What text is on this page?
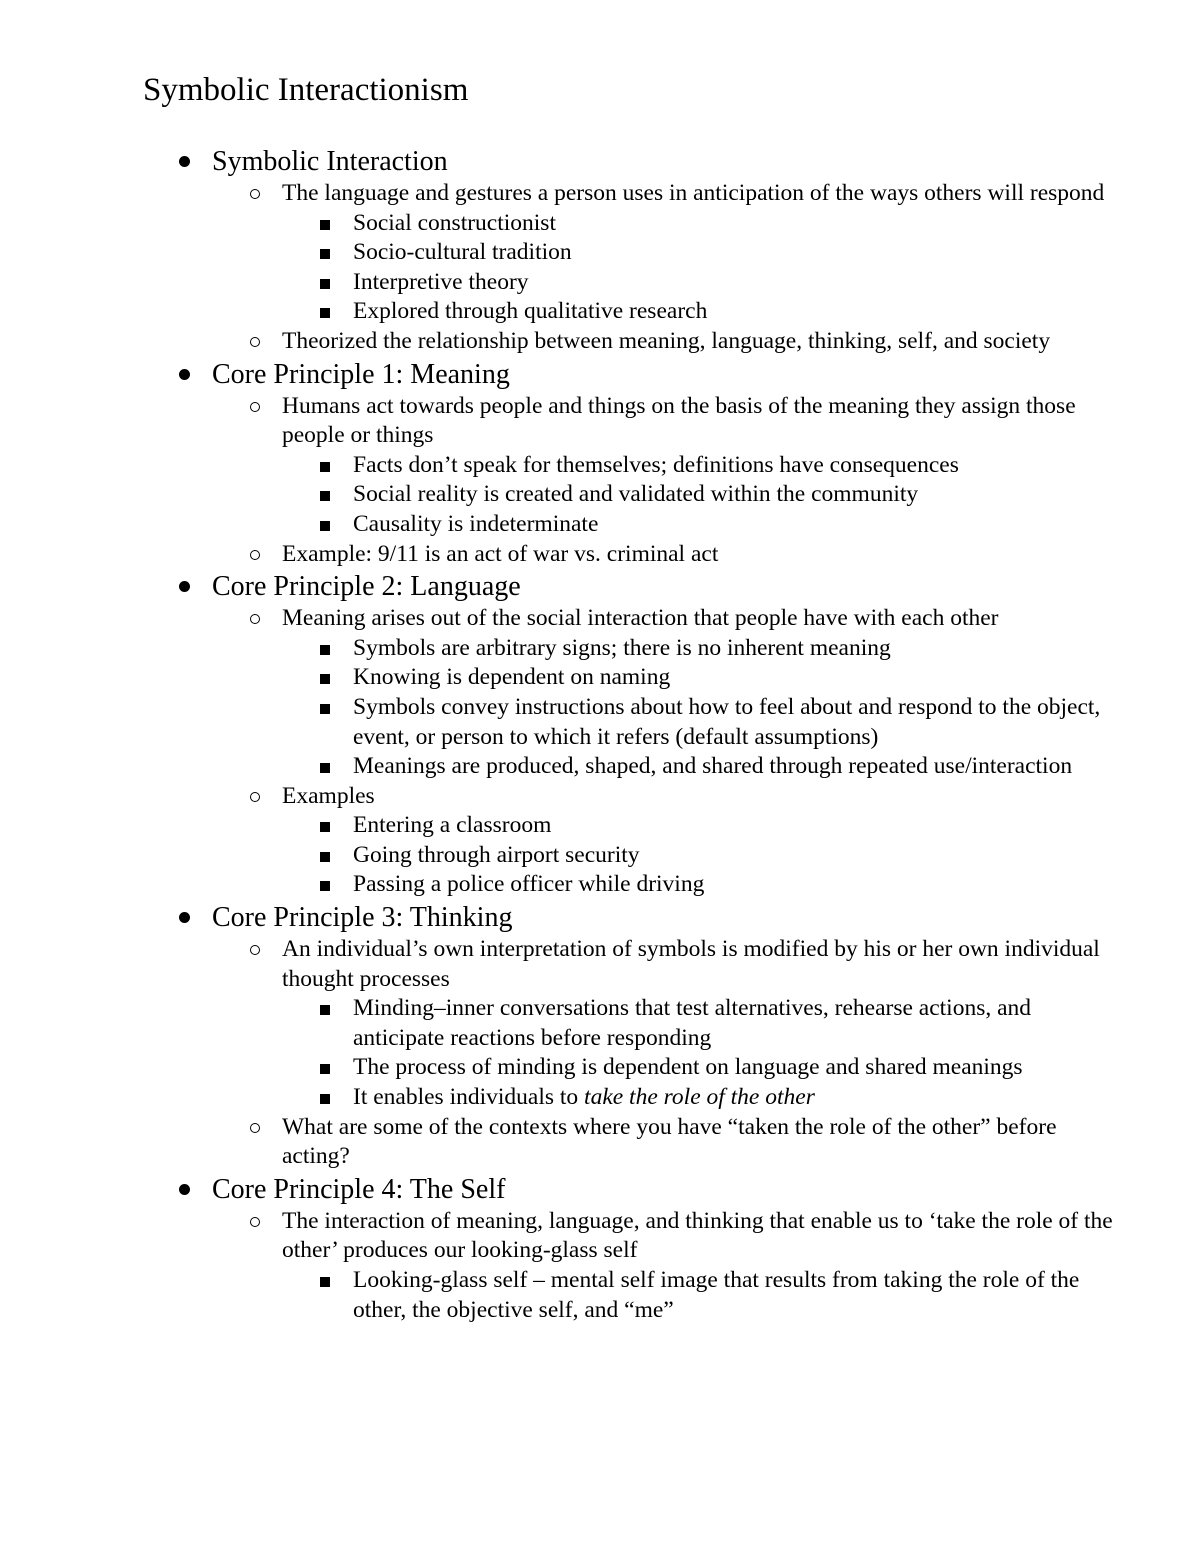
Symbolic Interactionism
Symbolic Interaction
The language and gestures a person uses in anticipation of the ways others will respond
Social constructionist
Socio-cultural tradition
Interpretive theory
Explored through qualitative research
Theorized the relationship between meaning, language, thinking, self, and society
Core Principle 1: Meaning
Humans act towards people and things on the basis of the meaning they assign those people or things
Facts don’t speak for themselves; definitions have consequences
Social reality is created and validated within the community
Causality is indeterminate
Example: 9/11 is an act of war vs. criminal act
Core Principle 2: Language
Meaning arises out of the social interaction that people have with each other
Symbols are arbitrary signs; there is no inherent meaning
Knowing is dependent on naming
Symbols convey instructions about how to feel about and respond to the object, event, or person to which it refers (default assumptions)
Meanings are produced, shaped, and shared through repeated use/interaction
Examples
Entering a classroom
Going through airport security
Passing a police officer while driving
Core Principle 3: Thinking
An individual’s own interpretation of symbols is modified by his or her own individual thought processes
Minding–inner conversations that test alternatives, rehearse actions, and anticipate reactions before responding
The process of minding is dependent on language and shared meanings
It enables individuals to take the role of the other
What are some of the contexts where you have “taken the role of the other” before acting?
Core Principle 4: The Self
The interaction of meaning, language, and thinking that enable us to ‘take the role of the other’ produces our looking-glass self
Looking-glass self – mental self image that results from taking the role of the other, the objective self, and “me”
